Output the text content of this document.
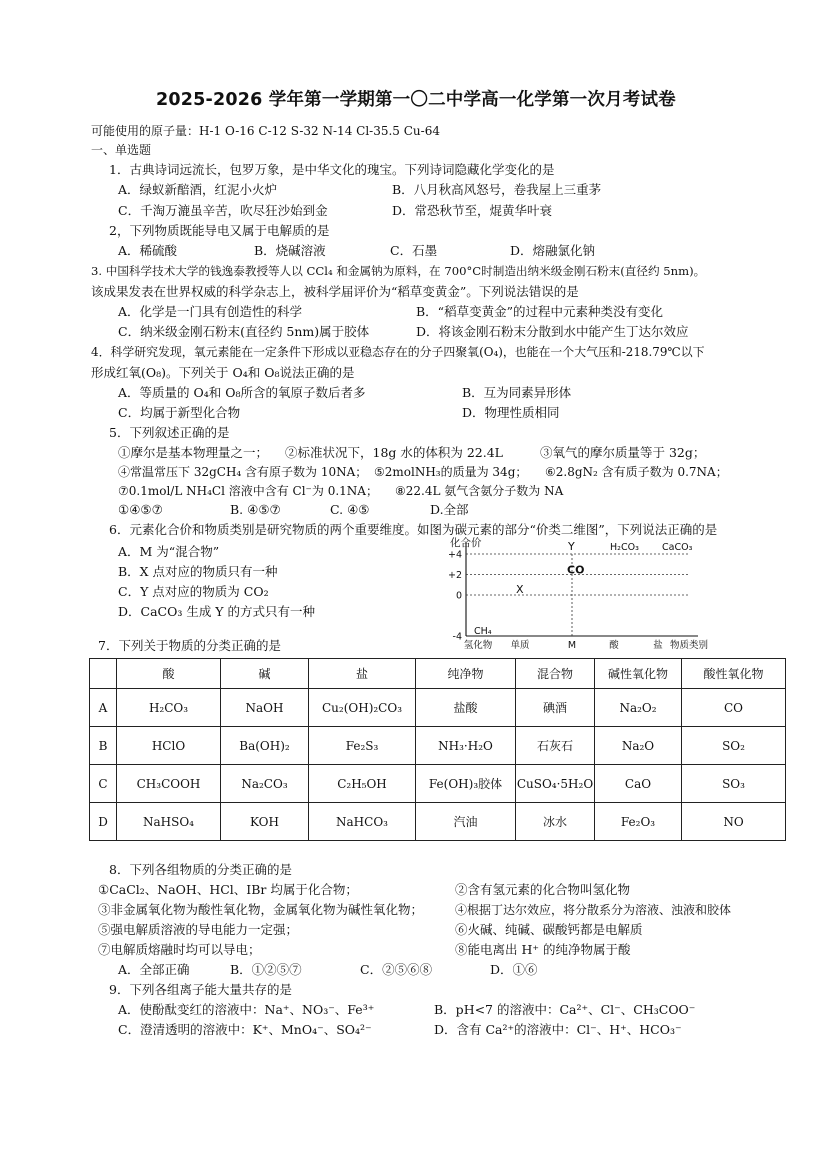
2025-2026 学年第一学期第一〇二中学高一化学第一次月考试卷
可能使用的原子量：H-1 O-16 C-12 S-32 N-14 Cl-35.5 Cu-64
一、单选题
1．古典诗词远流长，包罗万象，是中华文化的瑰宝。下列诗词隐藏化学变化的是
A．绿蚁新醅酒，红泥小火炉	B．八月秋高风怒号，卷我屋上三重茅
C．千淘万漉虽辛苦，吹尽狂沙始到金	D．常恐秋节至，焜黄华叶衰
2，下列物质既能导电又属于电解质的是
A．稀硫酸	B．烧碱溶液	C．石墨	D．熔融氯化钠
3. 中国科学技术大学的钱逸泰教授等人以 CCl₄ 和金属钠为原料，在 700°C时制造出纳米级金刚石粉末(直径约 5nm)。
该成果发表在世界权威的科学杂志上，被科学届评价为“稻草变黄金”。下列说法错误的是
A．化学是一门具有创造性的科学	B．“稻草变黄金”的过程中元素种类没有变化
C．纳米级金刚石粉末(直径约 5nm)属于胶体	D．将该金刚石粉末分散到水中能产生丁达尔效应
4．科学研究发现，氧元素能在一定条件下形成以亚稳态存在的分子四聚氧(O₄)，也能在一个大气压和-218.79℃以下
形成红氧(O₈)。下列关于 O₄和 O₈说法正确的是
A．等质量的 O₄和 O₈所含的氧原子数后者多	B．互为同素异形体
C．均属于新型化合物	D．物理性质相同
5．下列叙述正确的是
①摩尔是基本物理量之一； ②标准状况下，18g 水的体积为 22.4L	③氧气的摩尔质量等于 32g；
④常温常压下 32gCH₄ 含有原子数为 10NA； ⑤2molNH₃的质量为 34g； ⑥2.8gN₂ 含有质子数为 0.7NA；
⑦0.1mol/L NH₄Cl 溶液中含有 Cl⁻为 0.1NA； ⑧22.4L 氨气含氨分子数为 NA
①④⑤⑦	B. ④⑤⑦	C. ④⑤	D.全部
6．元素化合价和物质类别是研究物质的两个重要维度。如图为碳元素的部分“价类二维图”，下列说法正确的是
A．M 为“混合物”
B．X 点对应的物质只有一种
C．Y 点对应的物质为 CO₂
D．CaCO₃ 生成 Y 的方式只有一种
+4
+2
0
-4
氢化物 单质	M	酸	盐
CH₄
X
CO
Y	H₂CO₃ CaCO₃
化合价
物质类别
7．下列关于物质的分类正确的是
	酸	碱	盐	纯净物	混合物	碱性氧化物	酸性氧化物
A	H₂CO₃	NaOH	Cu₂(OH)₂CO₃	盐酸	碘酒	Na₂O₂	CO
B	HClO	Ba(OH)₂	Fe₂S₃	NH₃·H₂O	石灰石	Na₂O	SO₂
C	CH₃COOH	Na₂CO₃	C₂H₅OH	Fe(OH)₃胶体	CuSO₄·5H₂O	CaO	SO₃
D	NaHSO₄	KOH	NaHCO₃	汽油	冰水	Fe₂O₃	NO
8．下列各组物质的分类正确的是
①CaCl₂、NaOH、HCl、IBr 均属于化合物；	②含有氢元素的化合物叫氢化物
③非金属氧化物为酸性氧化物，金属氧化物为碱性氧化物；	④根据丁达尔效应，将分散系分为溶液、浊液和胶体
⑤强电解质溶液的导电能力一定强；	⑥火碱、纯碱、碳酸钙都是电解质
⑦电解质熔融时均可以导电；	⑧能电离出 H⁺ 的纯净物属于酸
A．全部正确	B．①②⑤⑦	C．②⑤⑥⑧	D．①⑥
9．下列各组离子能大量共存的是
A．使酚酞变红的溶液中：Na⁺、NO₃⁻、Fe³⁺	B．pH<7 的溶液中：Ca²⁺、Cl⁻、CH₃COO⁻
C．澄清透明的溶液中：K⁺、MnO₄⁻、SO₄²⁻	D．含有 Ca²⁺的溶液中：Cl⁻、H⁺、HCO₃⁻
